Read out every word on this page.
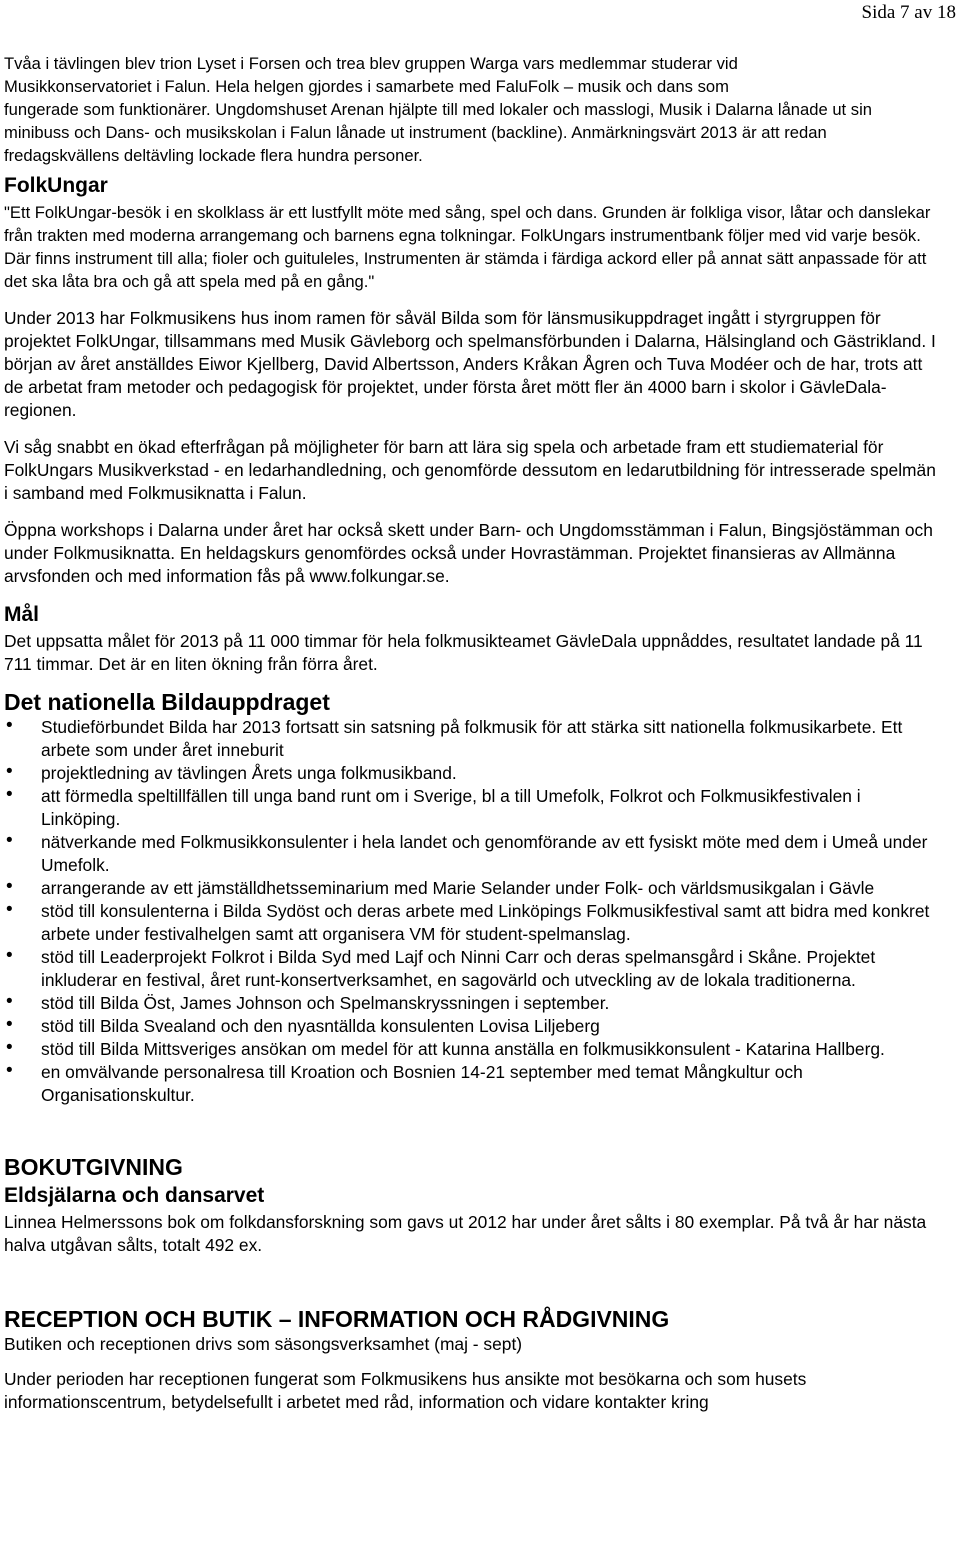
Sida 7 av 18

Tvåa i tävlingen blev trion Lyset i Forsen och trea blev gruppen Warga vars medlemmar studerar vid
Musikkonservatoriet i Falun. Hela helgen gjordes i samarbete med FaluFolk – musik och dans som
fungerade som funktionärer. Ungdomshuset Arenan hjälpte till med lokaler och masslogi, Musik i Dalarna lånade ut sin minibuss och Dans- och musikskolan i Falun lånade ut instrument (backline). Anmärkningsvärt 2013 är att redan fredagskvällens deltävling lockade flera hundra personer.

FolkUngar

"Ett FolkUngar-besök i en skolklass är ett lustfyllt möte med sång, spel och dans. Grunden är folkliga visor, låtar och danslekar från trakten med moderna arrangemang och barnens egna tolkningar. FolkUngars instrumentbank följer med vid varje besök. Där finns instrument till alla; fioler och guituleles, Instrumenten är stämda i färdiga ackord eller på annat sätt anpassade för att det ska låta bra och gå att spela med på en gång."

Under 2013 har Folkmusikens hus inom ramen för såväl Bilda som för länsmusikuppdraget ingått i styrgruppen för projektet FolkUngar, tillsammans med Musik Gävleborg och spelmansförbunden i Dalarna, Hälsingland och Gästrikland. I början av året anställdes Eiwor Kjellberg, David Albertsson, Anders Kråkan Ågren och Tuva Modéer och de har, trots att de arbetat fram metoder och pedagogisk för projektet, under första året mött fler än 4000 barn i skolor i GävleDala-regionen.

Vi såg snabbt en ökad efterfrågan på möjligheter för barn att lära sig spela och arbetade fram ett studiematerial för FolkUngars Musikverkstad - en ledarhandledning, och genomförde dessutom en ledarutbildning för intresserade spelmän i samband med Folkmusiknatta i Falun.

Öppna workshops i Dalarna under året har också skett under Barn- och Ungdomsstämman i Falun, Bingsjöstämman och under Folkmusiknatta. En heldagskurs genomfördes också under Hovrastämman. Projektet finansieras av Allmänna arvsfonden och med information fås på www.folkungar.se.

Mål

Det uppsatta målet för 2013 på 11 000 timmar för hela folkmusikteamet GävleDala uppnåddes, resultatet landade på 11 711 timmar. Det är en liten ökning från förra året.

Det nationella Bildauppdraget
• Studieförbundet Bilda har 2013 fortsatt sin satsning på folkmusik för att stärka sitt nationella folkmusikarbete. Ett arbete som under året inneburit
• projektledning av tävlingen Årets unga folkmusikband.
• att förmedla speltillfällen till unga band runt om i Sverige, bl a till Umefolk, Folkrot och Folkmusikfestivalen i Linköping.
• nätverkande med Folkmusikkonsulenter i hela landet och genomförande av ett fysiskt möte med dem i Umeå under Umefolk.
• arrangerande av ett jämställdhetsseminarium med Marie Selander under Folk- och världsmusikgalan i Gävle
• stöd till konsulenterna i Bilda Sydöst och deras arbete med Linköpings Folkmusikfestival samt att bidra med konkret arbete under festivalhelgen samt att organisera VM för student-spelmanslag.
• stöd till Leaderprojekt Folkrot i Bilda Syd med Lajf och Ninni Carr och deras spelmansgård i Skåne. Projektet inkluderar en festival, året runt-konsertverksamhet, en sagovärld och utveckling av de lokala traditionerna.
• stöd till Bilda Öst, James Johnson och Spelmanskryssningen i september.
• stöd till Bilda Svealand och den nyasntällda konsulenten Lovisa Liljeberg
• stöd till Bilda Mittsveriges ansökan om medel för att kunna anställa en folkmusikkonsulent - Katarina Hallberg.
• en omvälvande personalresa till Kroation och Bosnien 14-21 september med temat Mångkultur och Organisationskultur.
BOKUTGIVNING
Eldsjälarna och dansarvet

Linnea Helmerssons bok om folkdansforskning som gavs ut 2012 har under året sålts i 80 exemplar. På två år har nästa halva utgåvan sålts, totalt 492 ex.

RECEPTION OCH BUTIK – INFORMATION OCH RÅDGIVNING

Butiken och receptionen drivs som säsongsverksamhet (maj - sept)

Under perioden har receptionen fungerat som Folkmusikens hus ansikte mot besökarna och som husets informationscentrum, betydelsefullt i arbetet med råd, information och vidare kontakter kring
